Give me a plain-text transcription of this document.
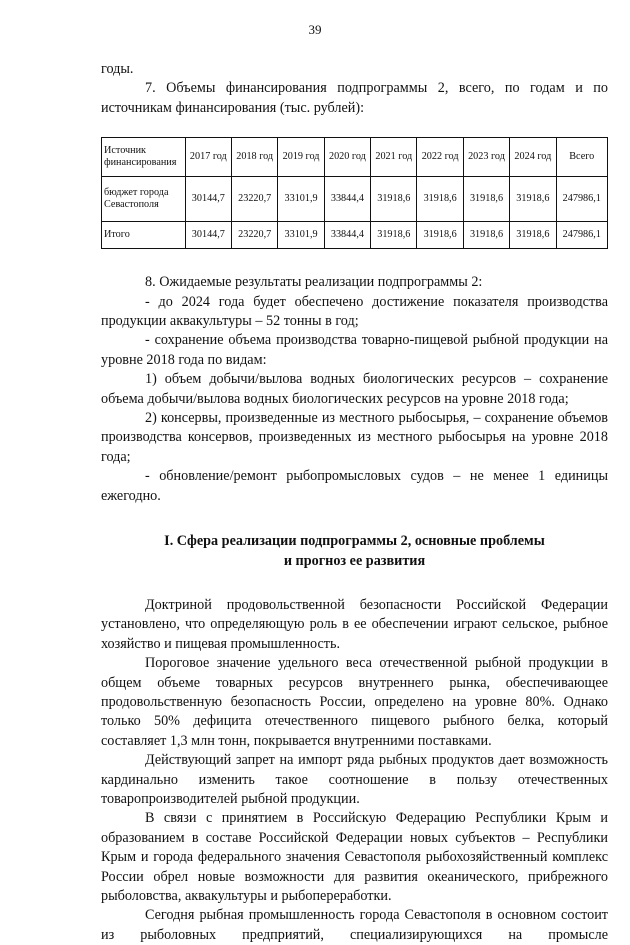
39

годы.

7. Объемы финансирования подпрограммы 2, всего, по годам и по источникам финансирования (тыс. рублей):

Источник финансирования	2017 год	2018 год	2019 год	2020 год	2021 год	2022 год	2023 год	2024 год	Всего
бюджет города Севастополя	30144,7	23220,7	33101,9	33844,4	31918,6	31918,6	31918,6	31918,6	247986,1
Итого	30144,7	23220,7	33101,9	33844,4	31918,6	31918,6	31918,6	31918,6	247986,1

8. Ожидаемые результаты реализации подпрограммы 2:

- до 2024 года будет обеспечено достижение показателя производства продукции аквакультуры – 52 тонны в год;

- сохранение объема производства товарно-пищевой рыбной продукции на уровне 2018 года по видам:

1) объем добычи/вылова водных биологических ресурсов – сохранение объема добычи/вылова водных биологических ресурсов на уровне 2018 года;

2) консервы, произведенные из местного рыбосырья, – сохранение объемов производства консервов, произведенных из местного рыбосырья на уровне 2018 года;

- обновление/ремонт рыбопромысловых судов – не менее 1 единицы ежегодно.

I. Сфера реализации подпрограммы 2, основные проблемы
и прогноз ее развития

Доктриной продовольственной безопасности Российской Федерации установлено, что определяющую роль в ее обеспечении играют сельское, рыбное хозяйство и пищевая промышленность.

Пороговое значение удельного веса отечественной рыбной продукции в общем объеме товарных ресурсов внутреннего рынка, обеспечивающее продовольственную безопасность России, определено на уровне 80%. Однако только 50% дефицита отечественного пищевого рыбного белка, который составляет 1,3 млн тонн, покрывается внутренними поставками.

Действующий запрет на импорт ряда рыбных продуктов дает возможность кардинально изменить такое соотношение в пользу отечественных товаропроизводителей рыбной продукции.

В связи с принятием в Российскую Федерацию Республики Крым и образованием в составе Российской Федерации новых субъектов – Республики Крым и города федерального значения Севастополя рыбохозяйственный комплекс России обрел новые возможности для развития океанического, прибрежного рыболовства, аквакультуры и рыбопереработки.

Сегодня рыбная промышленность города Севастополя в основном состоит из рыболовных предприятий, специализирующихся на промысле
